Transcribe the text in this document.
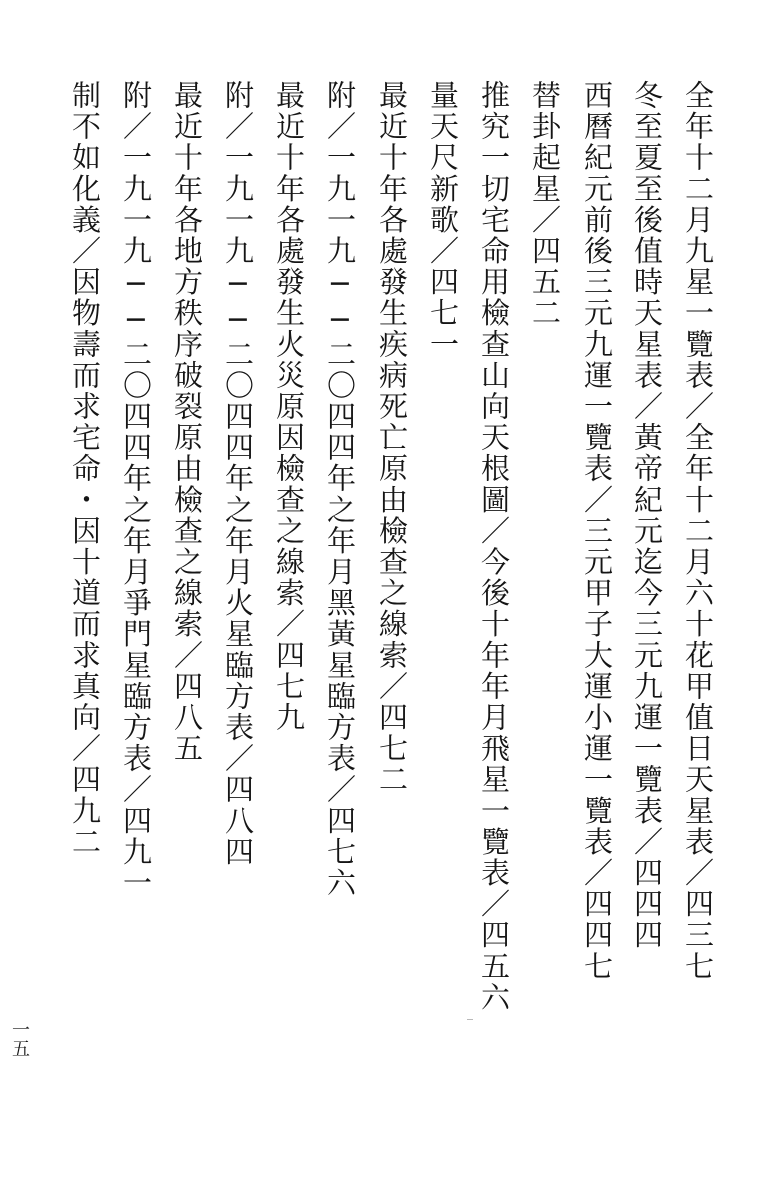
全年十二月九星一覽表／全年十二月六十花甲值日天星表／四三七
冬至夏至後值時天星表／黃帝紀元迄今三元九運一覽表／四四四
西曆紀元前後三元九運一覽表／三元甲子大運小運一覽表／四四七
替卦起星／四五二
推究一切宅命用檢查山向天根圖／今後十年年月飛星一覽表／四五六
量天尺新歌／四七一
最近十年各處發生疾病死亡原由檢查之線索／四七二
附／一九一九──二〇四四年之年月黑黃星臨方表／四七六
最近十年各處發生火災原因檢查之線索／四七九
附／一九一九──二〇四四年之年月火星臨方表／四八四
最近十年各地方秩序破裂原由檢查之線索／四八五
附／一九一九──二〇四四年之年月爭門星臨方表／四九一
制不如化義／因物壽而求宅命・因十道而求真向／四九二
一五
